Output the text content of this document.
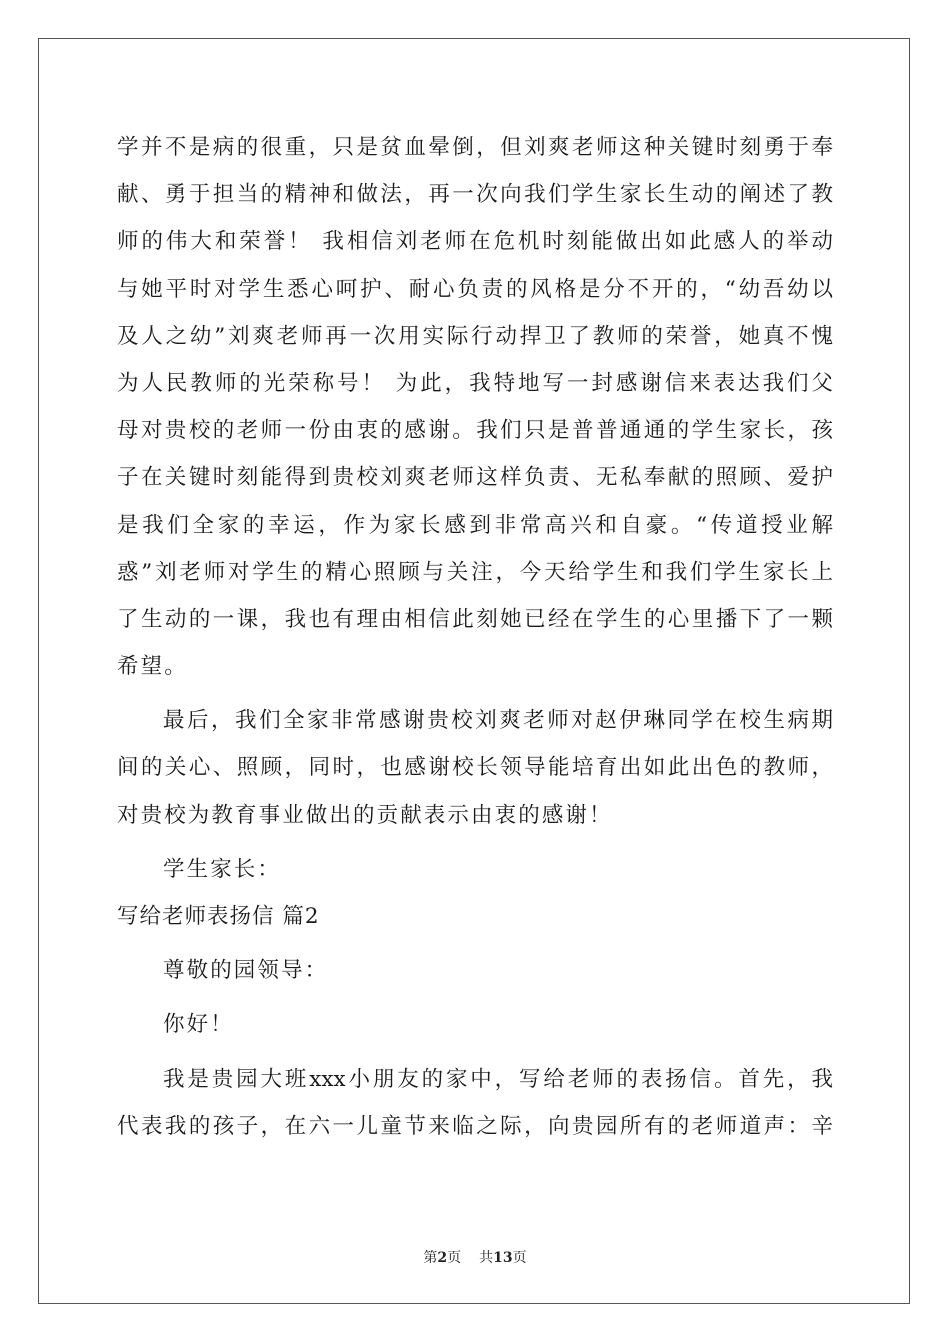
学并不是病的很重，只是贫血晕倒，但刘爽老师这种关键时刻勇于奉
献、勇于担当的精神和做法，再一次向我们学生家长生动的阐述了教
师的伟大和荣誉！ 我相信刘老师在危机时刻能做出如此感人的举动
与她平时对学生悉心呵护、耐心负责的风格是分不开的，“幼吾幼以
及人之幼”刘爽老师再一次用实际行动捍卫了教师的荣誉，她真不愧
为人民教师的光荣称号！ 为此，我特地写一封感谢信来表达我们父
母对贵校的老师一份由衷的感谢。我们只是普普通通的学生家长，孩
子在关键时刻能得到贵校刘爽老师这样负责、无私奉献的照顾、爱护
是我们全家的幸运，作为家长感到非常高兴和自豪。“传道授业解
惑”刘老师对学生的精心照顾与关注，今天给学生和我们学生家长上
了生动的一课，我也有理由相信此刻她已经在学生的心里播下了一颗
希望。
最后，我们全家非常感谢贵校刘爽老师对赵伊琳同学在校生病期
间的关心、照顾，同时，也感谢校长领导能培育出如此出色的教师，
对贵校为教育事业做出的贡献表示由衷的感谢！
学生家长：
写给老师表扬信 篇2
尊敬的园领导：
你好！
我是贵园大班xxx小朋友的家中，写给老师的表扬信。首先，我
代表我的孩子，在六一儿童节来临之际，向贵园所有的老师道声：辛
第2页 共13页
